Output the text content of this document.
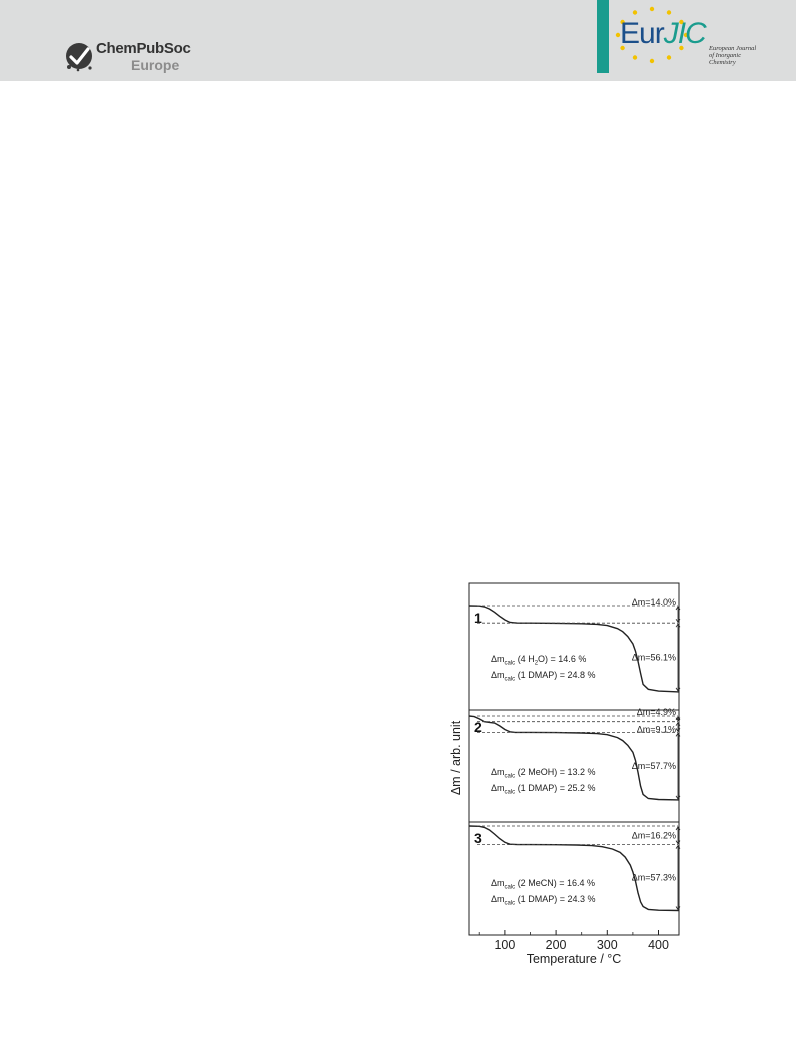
ChemPubSoc
Europe
EurJIC European Journal
of Inorganic Chemistry
1
Δm=14.0%
Δm=56.1%
$\Delta m_{calc}$ (4 $H_2O) = 14.6$ %
$\Delta m_{calc}$ (1 DMAP) = 24.8 %
2
Δm=4.9%
Δm=9.1%
Δm=57.7%
$\Delta m_{calc}$ (2 MeOH) = 13.2 %
$\Delta m_{calc}$ (1 DMAP) = 25.2 %
3	Δm=16.2%
Δm=57.3%
$\Delta m_{calc}$ (2 MeCN) = 16.4 %
$\Delta m_{calc}$ (1 DMAP) = 24.3 %
100 200 300 400
Temperature / °C
Δm / arb. unit
